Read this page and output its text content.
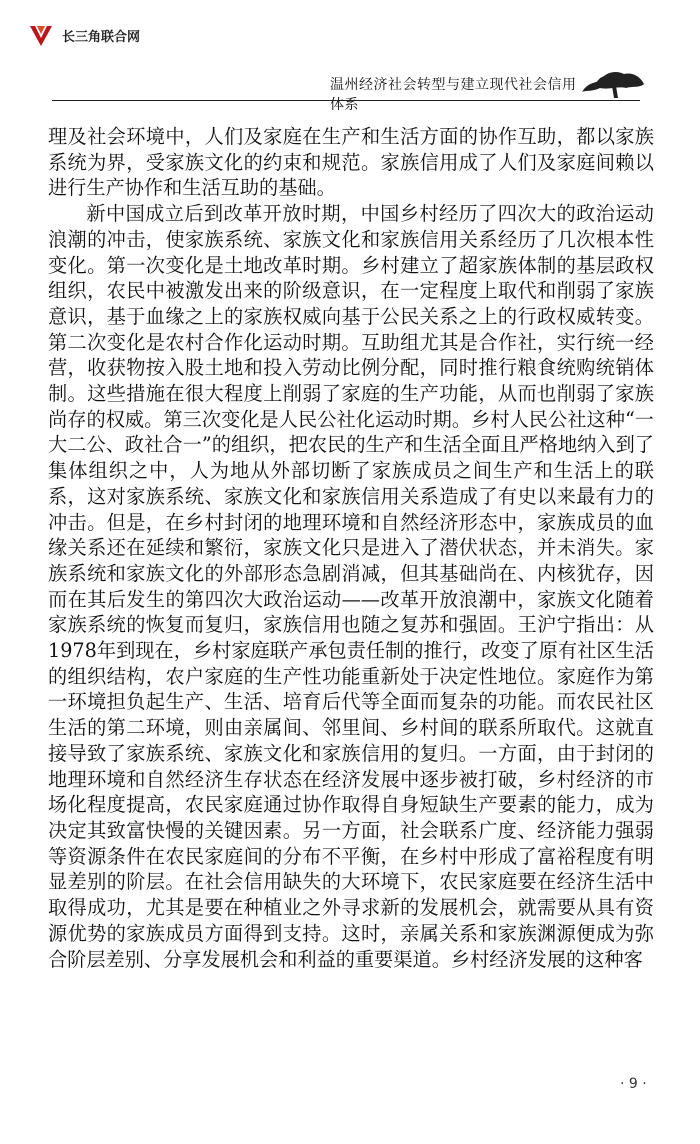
长三角联合网
温州经济社会转型与建立现代社会信用体系

理及社会环境中，人们及家庭在生产和生活方面的协作互助，都以家族系统为界，受家族文化的约束和规范。家族信用成了人们及家庭间赖以进行生产协作和生活互助的基础。

新中国成立后到改革开放时期，中国乡村经历了四次大的政治运动浪潮的冲击，使家族系统、家族文化和家族信用关系经历了几次根本性变化。第一次变化是土地改革时期。乡村建立了超家族体制的基层政权组织，农民中被激发出来的阶级意识，在一定程度上取代和削弱了家族意识，基于血缘之上的家族权威向基于公民关系之上的行政权威转变。第二次变化是农村合作化运动时期。互助组尤其是合作社，实行统一经营，收获物按入股土地和投入劳动比例分配，同时推行粮食统购统销体制。这些措施在很大程度上削弱了家庭的生产功能，从而也削弱了家族尚存的权威。第三次变化是人民公社化运动时期。乡村人民公社这种“一大二公、政社合一”的组织，把农民的生产和生活全面且严格地纳入到了集体组织之中，人为地从外部切断了家族成员之间生产和生活上的联系，这对家族系统、家族文化和家族信用关系造成了有史以来最有力的冲击。但是，在乡村封闭的地理环境和自然经济形态中，家族成员的血缘关系还在延续和繁衍，家族文化只是进入了潜伏状态，并未消失。家族系统和家族文化的外部形态急剧消减，但其基础尚在、内核犹存，因而在其后发生的第四次大政治运动——改革开放浪潮中，家族文化随着家族系统的恢复而复归，家族信用也随之复苏和强固。王沪宁指出：从1978年到现在，乡村家庭联产承包责任制的推行，改变了原有社区生活的组织结构，农户家庭的生产性功能重新处于决定性地位。家庭作为第一环境担负起生产、生活、培育后代等全面而复杂的功能。而农民社区生活的第二环境，则由亲属间、邻里间、乡村间的联系所取代。这就直接导致了家族系统、家族文化和家族信用的复归。一方面，由于封闭的地理环境和自然经济生存状态在经济发展中逐步被打破，乡村经济的市场化程度提高，农民家庭通过协作取得自身短缺生产要素的能力，成为决定其致富快慢的关键因素。另一方面，社会联系广度、经济能力强弱等资源条件在农民家庭间的分布不平衡，在乡村中形成了富裕程度有明显差别的阶层。在社会信用缺失的大环境下，农民家庭要在经济生活中取得成功，尤其是要在种植业之外寻求新的发展机会，就需要从具有资源优势的家族成员方面得到支持。这时，亲属关系和家族渊源便成为弥合阶层差别、分享发展机会和利益的重要渠道。乡村经济发展的这种客

· 9 ·
